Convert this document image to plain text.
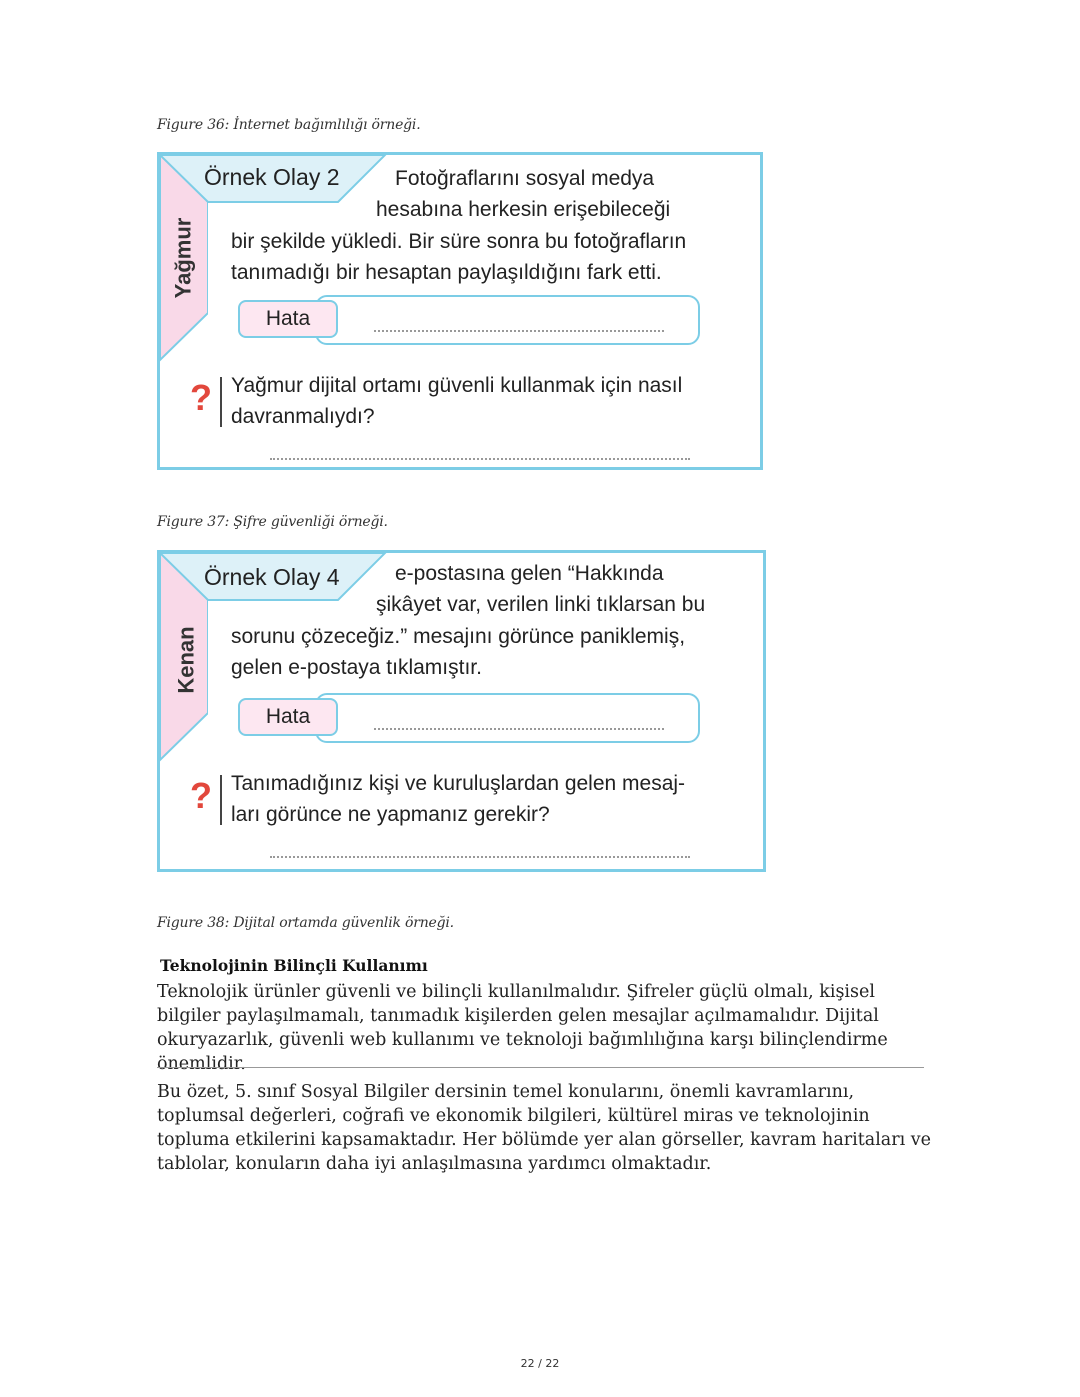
Figure 36: İnternet bağımlılığı örneği.
Yağmur
Örnek Olay 2	Fotoğraflarını sosyal medya
hesabına herkesin erişebileceği
bir şekilde yükledi. Bir süre sonra bu fotoğrafların
tanımadığı bir hesaptan paylaşıldığını fark etti.
Hata
? Yağmur dijital ortamı güvenli kullanmak için nasıl
davranmalıydı?
Figure 37: Şifre güvenliği örneği.
Kenan
Örnek Olay 4	e-postasına gelen “Hakkında
şikâyet var, verilen linki tıklarsan bu
sorunu çözeceğiz.” mesajını görünce paniklemiş,
gelen e-postaya tıklamıştır.
Hata
? Tanımadığınız kişi ve kuruluşlardan gelen mesaj-
ları görünce ne yapmanız gerekir?
Figure 38: Dijital ortamda güvenlik örneği.
Teknolojinin Bilinçli Kullanımı
Teknolojik ürünler güvenli ve bilinçli kullanılmalıdır. Şifreler güçlü olmalı, kişisel bilgiler paylaşılmamalı, tanımadık kişilerden gelen mesajlar açılmamalıdır. Dijital okuryazarlık, güvenli web kullanımı ve teknoloji bağımlılığına karşı bilinçlendirme önemlidir.
Bu özet, 5. sınıf Sosyal Bilgiler dersinin temel konularını, önemli kavramlarını, toplumsal değerleri, coğrafi ve ekonomik bilgileri, kültürel miras ve teknolojinin topluma etkilerini kapsamaktadır. Her bölümde yer alan görseller, kavram haritaları ve tablolar, konuların daha iyi anlaşılmasına yardımcı olmaktadır.
22 / 22
